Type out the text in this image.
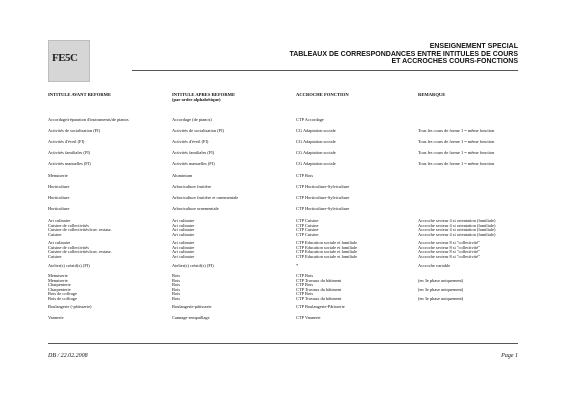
FE5C
ENSEIGNEMENT SPECIAL
TABLEAUX DE CORRESPONDANCES ENTRE INTITULES DE COURS
ET ACCROCHES COURS-FONCTIONS
INTITULE AVANT REFORME	INTITULE APRES REFORME
(par ordre alphabétique)
ACCROCHE FONCTION	REMARQUE
Accordage/réparation d'instruments/de pianos	Accordage (de pianos)	CTP Accordage
Activités de socialisation (FI)	Activités de socialisation (FI)	CG Adaptation sociale	Tous les cours de forme 1 = même fonction
Activités d'éveil (FI)	Activités d'éveil (FI)	CG Adaptation sociale	Tous les cours de forme 1 = même fonction
Activités familiales (FI)	Activités familiales (FI)	CG Adaptation sociale	Tous les cours de forme 1 = même fonction
Activités manuelles (FI)	Activités manuelles (FI)	CG Adaptation sociale	Tous les cours de forme 1 = même fonction
Menuiserie	Aluminium	CTP Bois
Horticulture	Arboriculture fruitière	CTP Horticulture-Sylviculture
Horticulture	Arboriculture fruitière et ornementale	CTP Horticulture-Sylviculture
Horticulture	Arboriculture ornementale	CTP Horticulture-Sylviculture
Art culinaire	Art culinaire	CTP Cuisine	Accroche secteur 4 si orientation (familiale)
Cuisine de collectivités	Art culinaire	CTP Cuisine	Accroche secteur 4 si orientation (familiale)
Cuisine de collectivités/trav. restaur.	Art culinaire	CTP Cuisine	Accroche secteur 4 si orientation (familiale)
Cuisine	Art culinaire	CTP Cuisine	Accroche secteur 4 si orientation (familiale)
Art culinaire	Art culinaire	CTP Education sociale et familiale	Accroche secteur 8 si "collectivité"
Cuisine de collectivités	Art culinaire	CTP Education sociale et familiale	Accroche secteur 8 si "collectivité"
Cuisine de collectivités/trav. restaur.	Art culinaire	CTP Education sociale et familiale	Accroche secteur 8 si "collectivité"
Cuisine	Art culinaire	CTP Education sociale et familiale	Accroche secteur 8 si "collectivité"
Atelier(s) créatif(s) (FI)	Atelier(s) créatif(s) (FI)	*	Accroche variable
Menuiserie	Bois	CTP Bois
Menuiserie	Bois	CTP Travaux du bâtiment	(en 3e phase uniquement)
Charpenterie	Bois	CTP Bois
Charpenterie	Bois	CTP Travaux du bâtiment	(en 3e phase uniquement)
Bois de coffrage	Bois	CTP Bois
Bois de coffrage	Bois	CTP Travaux du bâtiment	(en 3e phase uniquement)
Boulangerie (-pâtisserie)	Boulangerie-pâtisserie	CTP Boulangerie-Pâtisserie
Vannerie	Cannage-rempaillage	CTP Vannerie
DB / 22.02.2008	Page 1
